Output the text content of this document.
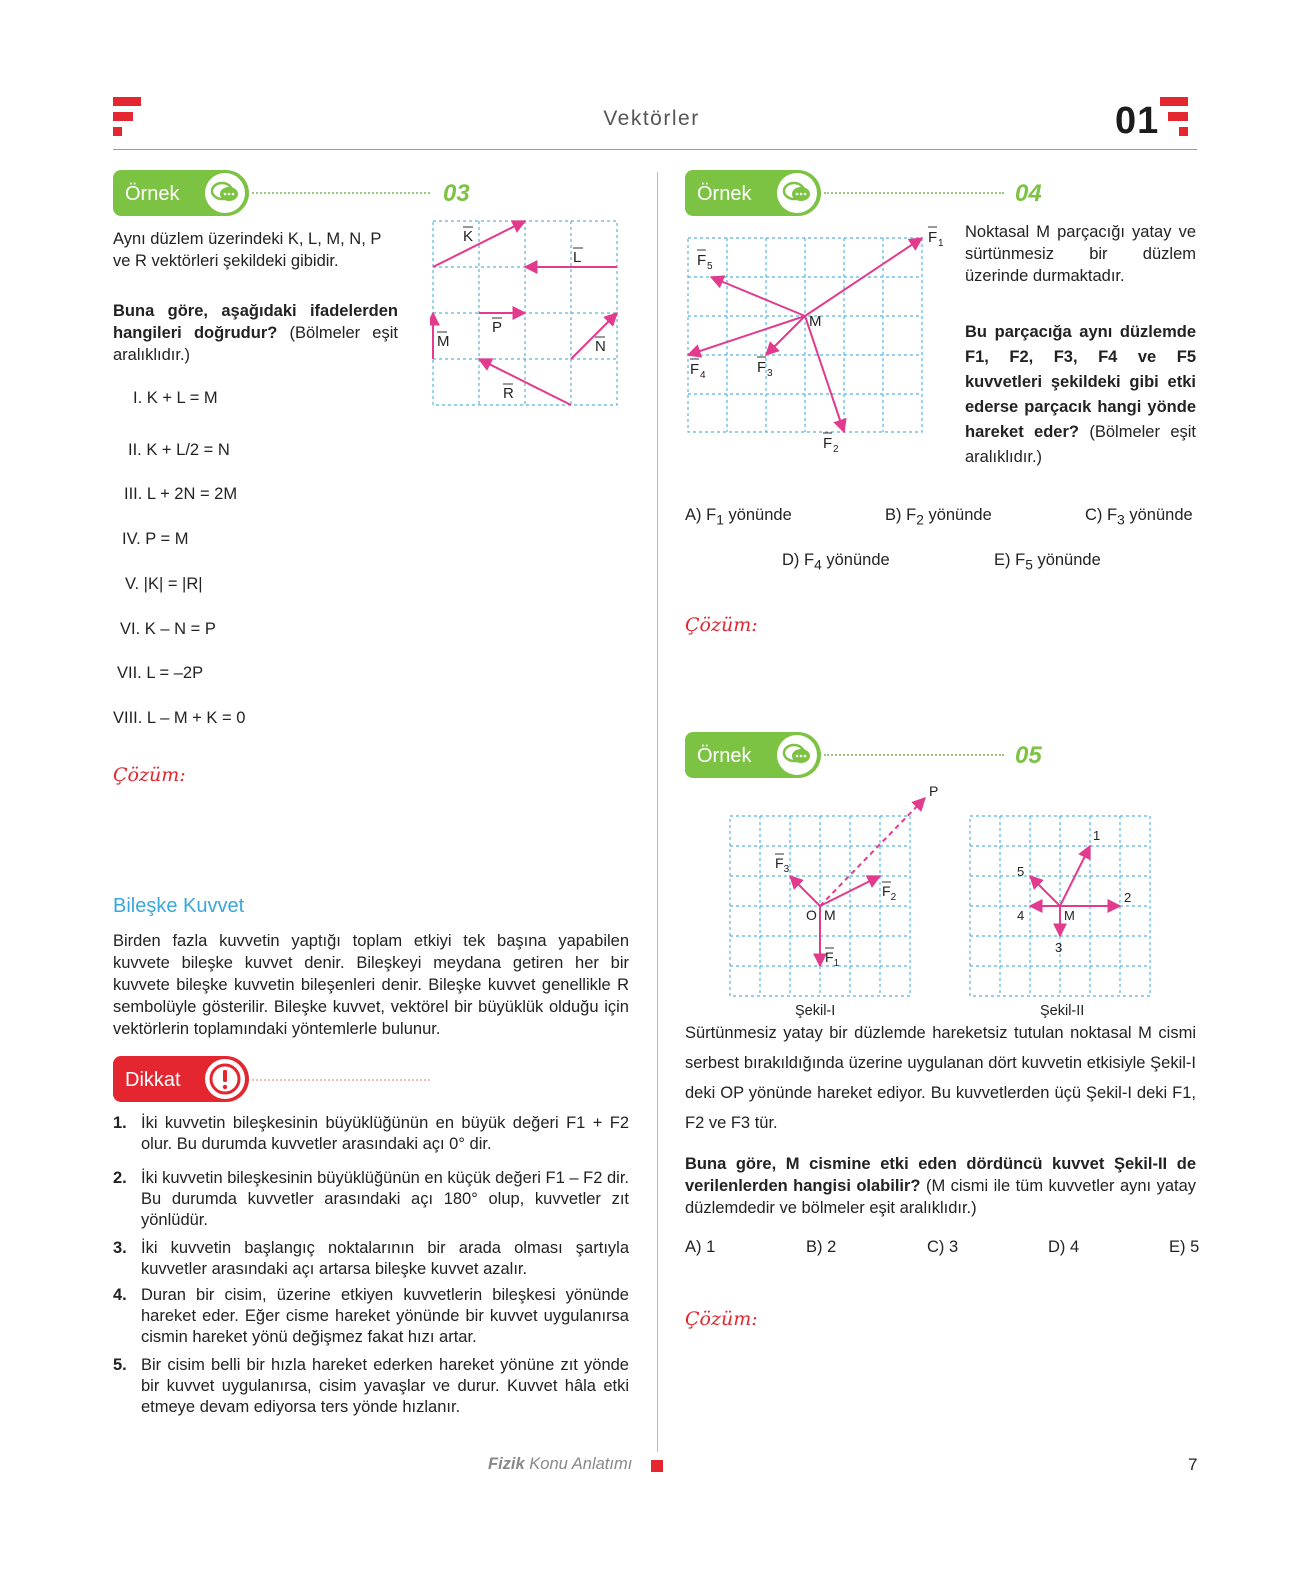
Vektörler	01
Örnek	03
Aynı düzlem üzerindeki K, L, M, N, P ve R vektörleri şekildeki gibidir.
Buna göre, aşağıdaki ifadelerden hangileri doğrudur? (Bölmeler eşit aralıklıdır.)
I. K + L = M
II. K + L/2 = N
III. L + 2N = 2M
IV. P = M
V. |K| = |R|
VI. K – N = P
VII. L = –2P
VIII. L – M + K = 0
K
L
M
P
N
R
Çözüm:
Bileşke Kuvvet
Birden fazla kuvvetin yaptığı toplam etkiyi tek başına yapabilen kuvvete bileşke kuvvet denir. Bileşkeyi meydana getiren her bir kuvvete bileşke kuvvetin bileşenleri denir. Bileşke kuvvet genellikle R sembolüyle gösterilir. Bileşke kuvvet, vektörel bir büyüklük olduğu için vektörlerin toplamındaki yöntemlerle bulunur.
Dikkat
1. İki kuvvetin bileşkesinin büyüklüğünün en büyük değeri F1 + F2 olur. Bu durumda kuvvetler arasındaki açı 0° dir.
2. İki kuvvetin bileşkesinin büyüklüğünün en küçük değeri F1 – F2 dir. Bu durumda kuvvetler arasındaki açı 180° olup, kuvvetler zıt yönlüdür.
3. İki kuvvetin başlangıç noktalarının bir arada olması şartıyla kuvvetler arasındaki açı artarsa bileşke kuvvet azalır.
4. Duran bir cisim, üzerine etkiyen kuvvetlerin bileşkesi yönünde hareket eder. Eğer cisme hareket yönünde bir kuvvet uygulanırsa cismin hareket yönü değişmez fakat hızı artar.
5. Bir cisim belli bir hızla hareket ederken hareket yönüne zıt yönde bir kuvvet uygulanırsa, cisim yavaşlar ve durur. Kuvvet hâla etki etmeye devam ediyorsa ters yönde hızlanır.
Örnek	04
M
F 1
F 5
F 4	F 3
F 2
Noktasal M parçacığı yatay ve sürtünmesiz bir düzlem üzerinde durmaktadır.
Bu parçacığa aynı düzlemde F1, F2, F3, F4 ve F5 kuvvetleri şekildeki gibi etki ederse parçacık hangi yönde hareket eder? (Bölmeler eşit aralıklıdır.)
A) $F_1$ yönünde	B) $F_2$ yönünde	C) $F_3$ yönünde
D) $F_4$ yönünde	E) $F_5$ yönünde
Çözüm:
Örnek	05
P
O M
$F_3$
$F_2$
$F_1$
Şekil-I
M
1
2
3
4
5
Şekil-II
Sürtünmesiz yatay bir düzlemde hareketsiz tutulan noktasal M cismi serbest bırakıldığında üzerine uygulanan dört kuvvetin etkisiyle Şekil-I deki OP yönünde hareket ediyor. Bu kuvvetlerden üçü Şekil-I deki F1, F2 ve F3 tür.
Buna göre, M cismine etki eden dördüncü kuvvet Şekil-II de verilenlerden hangisi olabilir? (M cismi ile tüm kuvvetler aynı yatay düzlemdedir ve bölmeler eşit aralıklıdır.)
A) 1	B) 2	C) 3	D) 4	E) 5
Çözüm:
Fizik Konu Anlatımı	7
